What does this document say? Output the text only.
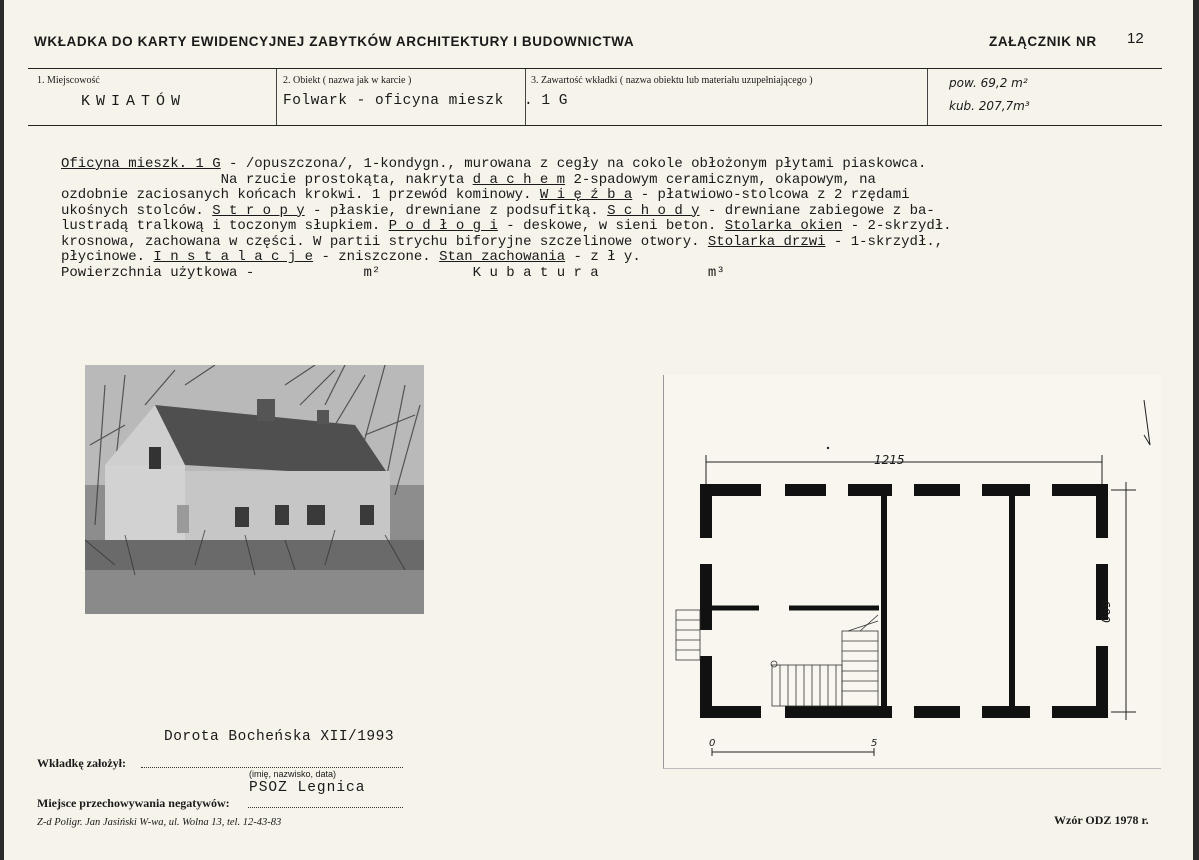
WKŁADKA DO KARTY EWIDENCYJNEJ ZABYTKÓW ARCHITEKTURY I BUDOWNICTWA	ZAŁĄCZNIK NR 12
1. Miejscowość
KWIATÓW
2. Obiekt ( nazwa jak w karcie )
Folwark - oficyna mieszk . 1 G
3. Zawartość wkładki ( nazwa obiektu lub materiału uzupełniającego )	pow. 69,2 m²
kub. 207,7m³
Oficyna mieszk. 1 G - /opuszczona/, 1-kondygn., murowana z cegły na cokole obłożonym płytami piaskowca.
Na rzucie prostokąta, nakryta d a c h e m 2-spadowym ceramicznym, okapowym, na
ozdobnie zaciosanych końcach krokwi. 1 przewód kominowy. W i ę ź b a - płatwiowo-stolcowa z 2 rzędami
ukośnych stolców. S t r o p y - płaskie, drewniane z podsufitką. S c h o d y - drewniane zabiegowe z ba-
lustradą tralkową i toczonym słupkiem. P o d ł o g i - deskowe, w sieni beton. Stolarka okien - 2-skrzydł.
krosnowa, zachowana w części. W partii strychu biforyjne szczelinowe otwory. Stolarka drzwi - 1-skrzydł.,
płycinowe. I n s t a l a c j e - zniszczone. Stan zachowania - z ł y.
Powierzchnia użytkowa -             m²           K u b a t u r a             m³
1215
690
0	5
Dorota Bocheńska XII/1993
Wkładkę założył:
(imię, nazwisko, data)
Miejsce przechowywania negatywów:
PSOZ Legnica
Z-d Poligr. Jan Jasiński W-wa, ul. Wolna 13, tel. 12-43-83	Wzór ODZ 1978 r.
